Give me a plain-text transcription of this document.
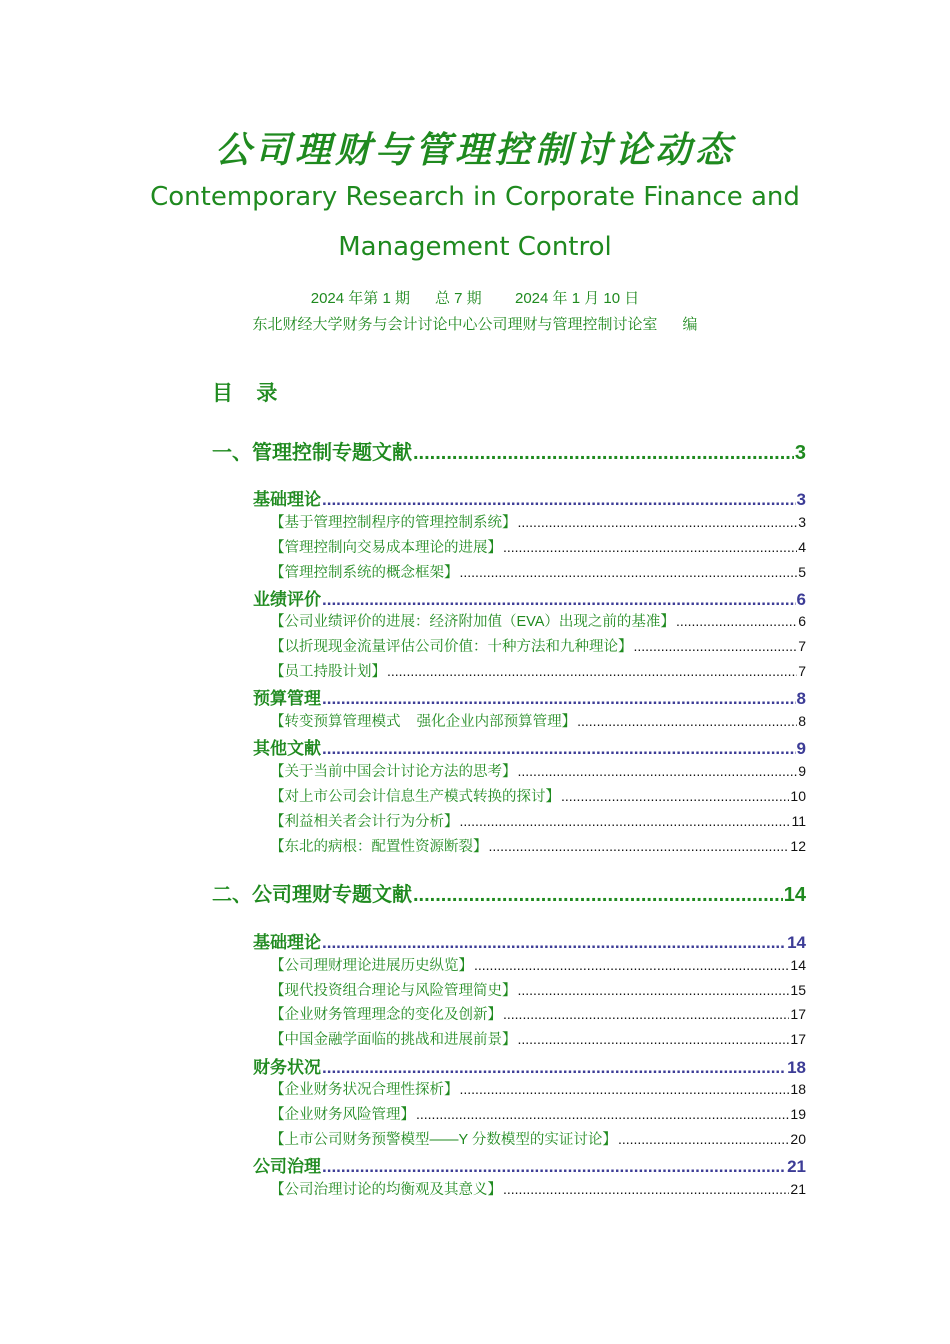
公司理财与管理控制讨论动态
Contemporary Research in Corporate Finance and
Management Control
2024 年第 1 期      总 7 期        2024 年 1 月 10 日
东北财经大学财务与会计讨论中心公司理财与管理控制讨论室      编
目    录
一、管理控制专题文献 .....	3
基础理论 .....	3
【基于管理控制程序的管理控制系统】 .....	3
【管理控制向交易成本理论的进展】 .....	4
【管理控制系统的概念框架】 .....	5
业绩评价 .....	6
【公司业绩评价的进展：经济附加值（EVA）出现之前的基准】 .....	6
【以折现现金流量评估公司价值：十种方法和九种理论】 .....	7
【员工持股计划】 .....	7
预算管理 .....	8
【转变预算管理模式    强化企业内部预算管理】 .....	8
其他文献 .....	9
【关于当前中国会计讨论方法的思考】 .....	9
【对上市公司会计信息生产模式转换的探讨】 .....	10
【利益相关者会计行为分析】 .....	11
【东北的病根：配置性资源断裂】 .....	12
二、公司理财专题文献 .....	14
基础理论 .....	14
【公司理财理论进展历史纵览】 .....	14
【现代投资组合理论与风险管理简史】 .....	15
【企业财务管理理念的变化及创新】 .....	17
【中国金融学面临的挑战和进展前景】 .....	17
财务状况 .....	18
【企业财务状况合理性探析】 .....	18
【企业财务风险管理】 .....	19
【上市公司财务预警模型——Y 分数模型的实证讨论】 .....	20
公司治理 .....	21
【公司治理讨论的均衡观及其意义】 .....	21
